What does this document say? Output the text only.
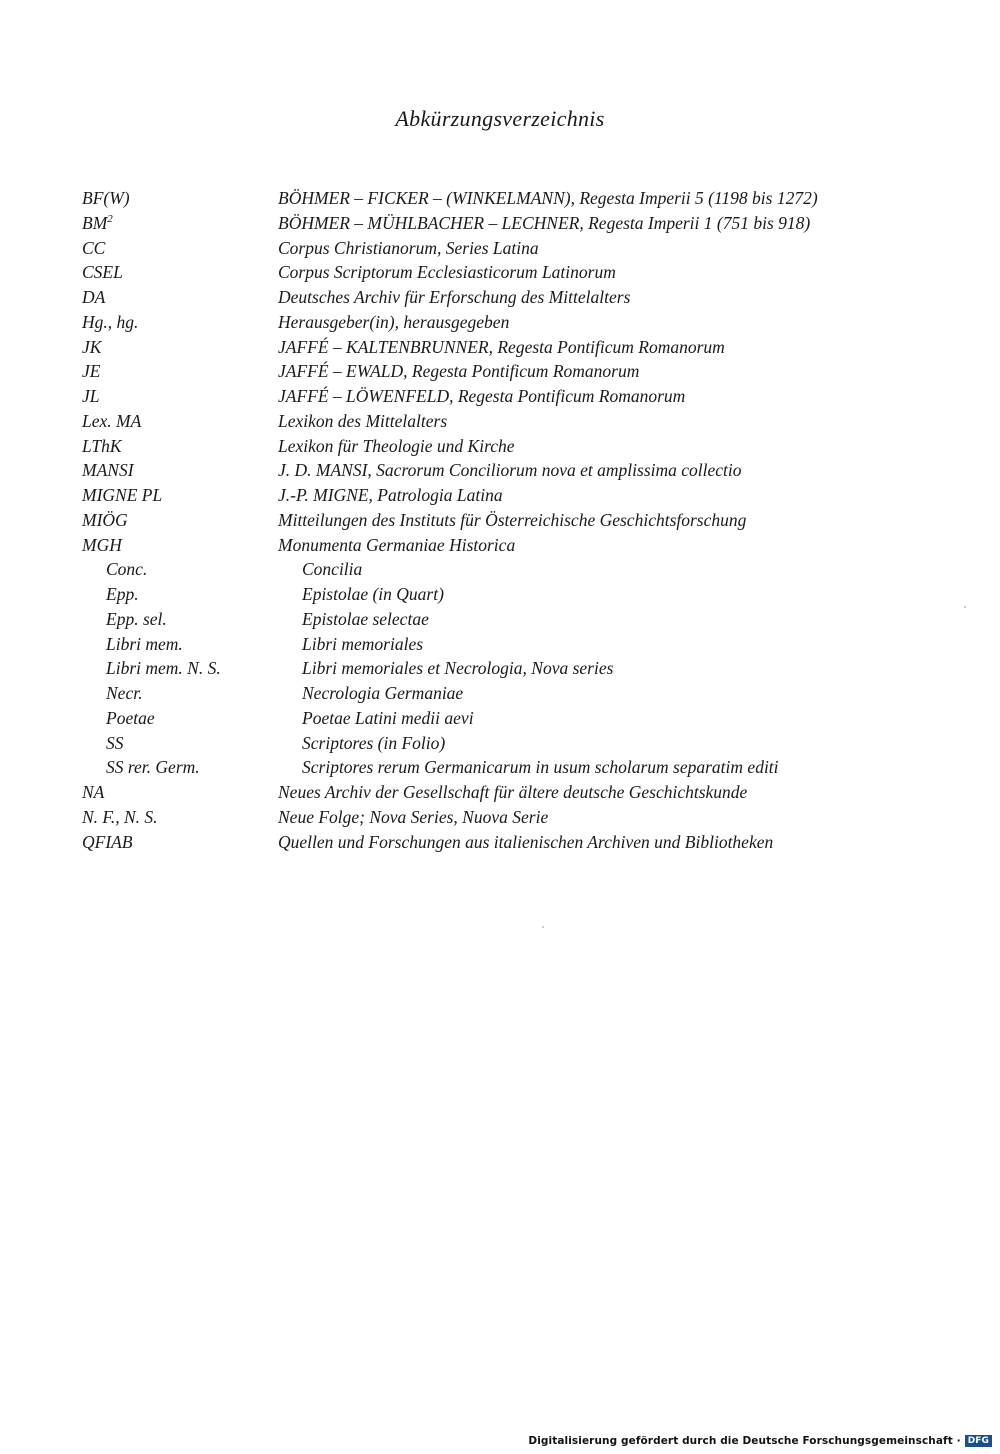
Abkürzungsverzeichnis
BF(W)	BÖHMER – FICKER – (WINKELMANN), Regesta Imperii 5 (1198 bis 1272)
$BM^2$	BÖHMER – MÜHLBACHER – LECHNER, Regesta Imperii 1 (751 bis 918)
CC	Corpus Christianorum, Series Latina
CSEL	Corpus Scriptorum Ecclesiasticorum Latinorum
DA	Deutsches Archiv für Erforschung des Mittelalters
Hg., hg.	Herausgeber(in), herausgegeben
JK	JAFFÉ – KALTENBRUNNER, Regesta Pontificum Romanorum
JE	JAFFÉ – EWALD, Regesta Pontificum Romanorum
JL	JAFFÉ – LÖWENFELD, Regesta Pontificum Romanorum
Lex. MA	Lexikon des Mittelalters
LThK	Lexikon für Theologie und Kirche
MANSI	J. D. MANSI, Sacrorum Conciliorum nova et amplissima collectio
MIGNE PL	J.-P. MIGNE, Patrologia Latina
MIÖG	Mitteilungen des Instituts für Österreichische Geschichtsforschung
MGH	Monumenta Germaniae Historica
Conc.	Concilia
Epp.	Epistolae (in Quart)
Epp. sel.	Epistolae selectae
Libri mem.	Libri memoriales
Libri mem. N. S.	Libri memoriales et Necrologia, Nova series
Necr.	Necrologia Germaniae
Poetae	Poetae Latini medii aevi
SS	Scriptores (in Folio)
SS rer. Germ.	Scriptores rerum Germanicarum in usum scholarum separatim editi
NA	Neues Archiv der Gesellschaft für ältere deutsche Geschichtskunde
N. F., N. S.	Neue Folge; Nova Series, Nuova Serie
QFIAB	Quellen und Forschungen aus italienischen Archiven und Bibliotheken
Digitalisierung gefördert durch die Deutsche Forschungsgemeinschaft · DFG
